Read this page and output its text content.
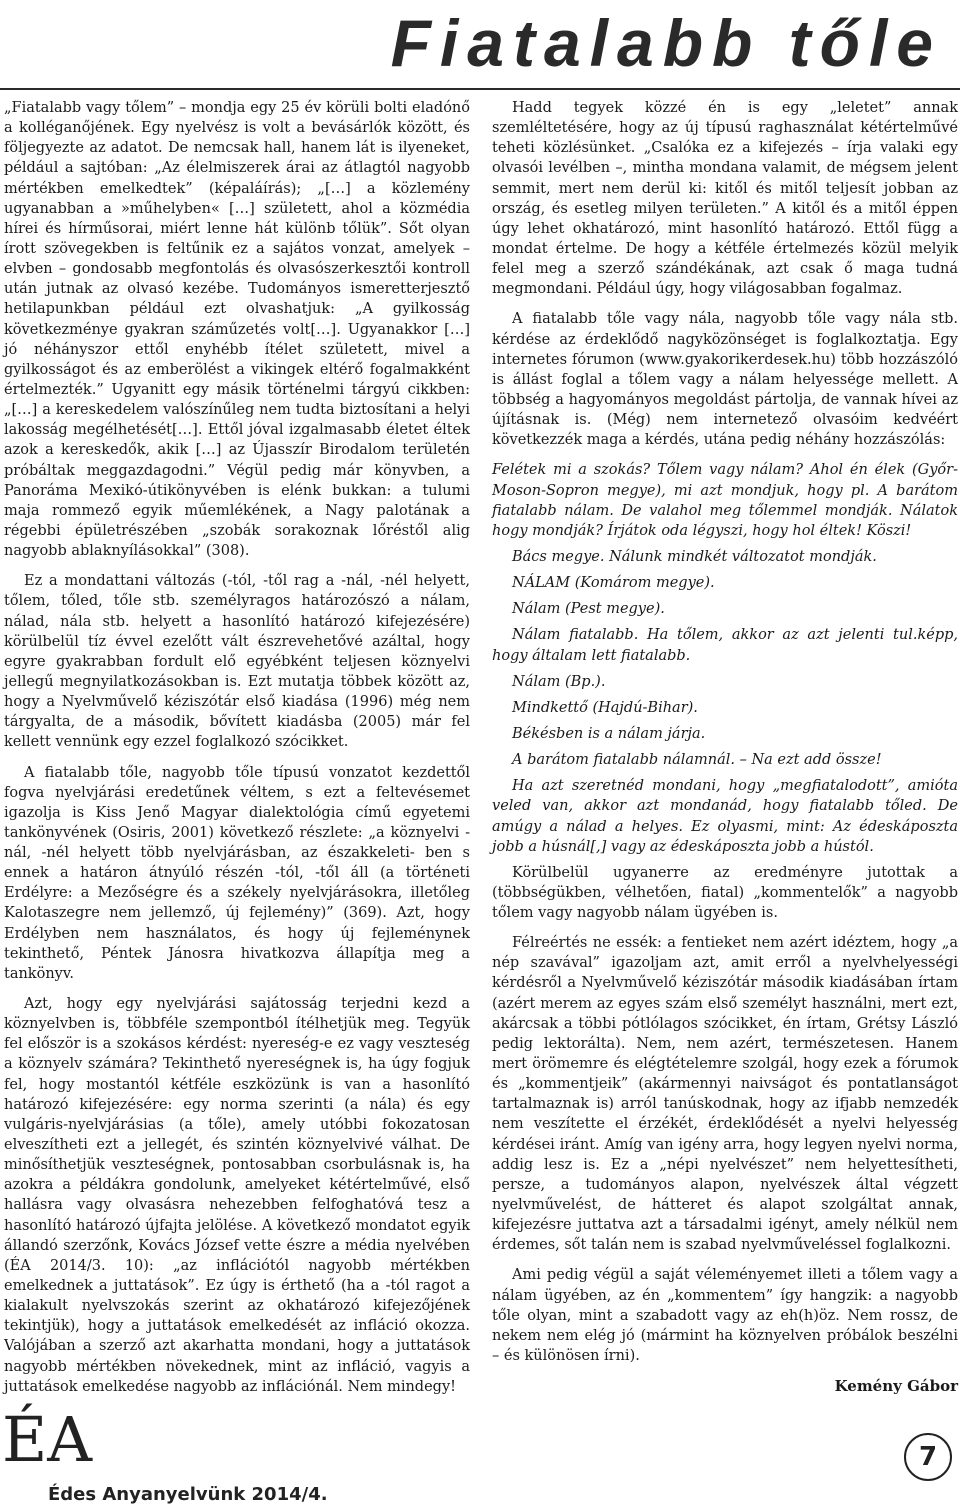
Fiatalabb tőle

„Fiatalabb vagy tőlem” – mondja egy 25 év körüli bolti eladónő a kolléganőjének. Egy nyelvész is volt a bevásárlók között, és följegyezte az adatot. De nemcsak hall, hanem lát is ilyeneket, például a sajtóban: „Az élelmiszerek árai az átlagtól nagyobb mértékben emelkedtek” (képaláírás); „[…] a közlemény ugyanabban a »műhelyben« […] született, ahol a közmédia hírei és hírműsorai, miért lenne hát különb tőlük”. Sőt olyan írott szövegekben is feltűnik ez a sajátos vonzat, amelyek – elvben – gondosabb megfontolás és olvasószerkesztői kontroll után jutnak az olvasó kezébe. Tudományos ismeretterjesztő hetilapunkban például ezt olvashatjuk: „A gyilkosság következménye gyakran száműzetés volt[…]. Ugyanakkor […] jó néhányszor ettől enyhébb ítélet született, mivel a gyilkosságot és az emberölést a vikingek eltérő fogalmakként értelmezték.” Ugyanitt egy másik történelmi tárgyú cikkben: „[…] a kereskedelem valószínűleg nem tudta biztosítani a helyi lakosság megélhetését[…]. Ettől jóval izgalmasabb életet éltek azok a kereskedők, akik […] az Újasszír Birodalom területén próbáltak meggazdagodni.” Végül pedig már könyvben, a Panoráma Mexikó-útikönyvében is elénk bukkan: a tulumi maja rommező egyik műemlékének, a Nagy palotának a régebbi épületrészében „szobák sorakoznak lőréstől alig nagyobb ablaknyílásokkal” (308).

Ez a mondattani változás (-tól, -től rag a -nál, -nél helyett, tőlem, tőled, tőle stb. személyragos határozószó a nálam, nálad, nála stb. helyett a hasonlító határozó kifejezésére) körülbelül tíz évvel ezelőtt vált észrevehetővé azáltal, hogy egyre gyakrabban fordult elő egyébként teljesen köznyelvi jellegű megnyilatkozásokban is. Ezt mutatja többek között az, hogy a Nyelvművelő kéziszótár első kiadása (1996) még nem tárgyalta, de a második, bővített kiadásba (2005) már fel kellett vennünk egy ezzel foglalkozó szócikket.

A fiatalabb tőle, nagyobb tőle típusú vonzatot kezdettől fogva nyelvjárási eredetűnek véltem, s ezt a feltevésemet igazolja is Kiss Jenő Magyar dialektológia című egyetemi tankönyvének (Osiris, 2001) következő részlete: „a köznyelvi -nál, -nél helyett több nyelvjárásban, az északkeleti- ben s ennek a határon átnyúló részén -tól, -től áll (a történeti Erdélyre: a Mezőségre és a székely nyelvjárásokra, illetőleg Kalotaszegre nem jellemző, új fejlemény)” (369). Azt, hogy Erdélyben nem használatos, és hogy új fejleménynek tekinthető, Péntek Jánosra hivatkozva állapítja meg a tankönyv.

Azt, hogy egy nyelvjárási sajátosság terjedni kezd a köznyelvben is, többféle szempontból ítélhetjük meg. Tegyük fel először is a szokásos kérdést: nyereség-e ez vagy veszteség a köznyelv számára? Tekinthető nyereségnek is, ha úgy fogjuk fel, hogy mostantól kétféle eszközünk is van a hasonlító határozó kifejezésére: egy norma szerinti (a nála) és egy vulgáris-nyelvjárásias (a tőle), amely utóbbi fokozatosan elveszítheti ezt a jellegét, és szintén köznyelvivé válhat. De minősíthetjük veszteségnek, pontosabban csorbulásnak is, ha azokra a példákra gondolunk, amelyeket kétértelművé, első hallásra vagy olvasásra nehezebben felfoghatóvá tesz a hasonlító határozó újfajta jelölése. A következő mondatot egyik állandó szerzőnk, Kovács József vette észre a média nyelvében (ÉA 2014/3. 10): „az inflációtól nagyobb mértékben emelkednek a juttatások”. Ez úgy is érthető (ha a -tól ragot a kialakult nyelvszokás szerint az okhatározó kifejezőjének tekintjük), hogy a juttatások emelkedését az infláció okozza. Valójában a szerző azt akarhatta mondani, hogy a juttatások nagyobb mértékben növekednek, mint az infláció, vagyis a juttatások emelkedése nagyobb az inflációnál. Nem mindegy!

Hadd tegyek közzé én is egy „leletet” annak szemléltetésére, hogy az új típusú raghasználat kétértelművé teheti közlésünket. „Csalóka ez a kifejezés – írja valaki egy olvasói levélben –, mintha mondana valamit, de mégsem jelent semmit, mert nem derül ki: kitől és mitől teljesít jobban az ország, és esetleg milyen területen.” A kitől és a mitől éppen úgy lehet okhatározó, mint hasonlító határozó. Ettől függ a mondat értelme. De hogy a kétféle értelmezés közül melyik felel meg a szerző szándékának, azt csak ő maga tudná megmondani. Például úgy, hogy világosabban fogalmaz.

A fiatalabb tőle vagy nála, nagyobb tőle vagy nála stb. kérdése az érdeklődő nagyközönséget is foglalkoztatja. Egy internetes fórumon (www.gyakorikerdesek.hu) több hozzászóló is állást foglal a tőlem vagy a nálam helyessége mellett. A többség a hagyományos megoldást pártolja, de vannak hívei az újításnak is. (Még) nem internetező olvasóim kedvéért következzék maga a kérdés, utána pedig néhány hozzászólás:

Felétek mi a szokás? Tőlem vagy nálam? Ahol én élek (Győr-Moson-Sopron megye), mi azt mondjuk, hogy pl. A barátom fiatalabb nálam. De valahol meg tőlemmel mondják. Nálatok hogy mondják? Írjátok oda légyszi, hogy hol éltek! Köszi!

Bács megye. Nálunk mindkét változatot mondják.

NÁLAM (Komárom megye).

Nálam (Pest megye).

Nálam fiatalabb. Ha tőlem, akkor az azt jelenti tul.képp, hogy általam lett fiatalabb.

Nálam (Bp.).

Mindkettő (Hajdú-Bihar).

Békésben is a nálam járja.

A barátom fiatalabb nálamnál. – Na ezt add össze!

Ha azt szeretnéd mondani, hogy „megfiatalodott”, amióta veled van, akkor azt mondanád, hogy fiatalabb tőled. De amúgy a nálad a helyes. Ez olyasmi, mint: Az édeskáposzta jobb a húsnál[,] vagy az édeskáposzta jobb a hústól.

Körülbelül ugyanerre az eredményre jutottak a (többségükben, vélhetően, fiatal) „kommentelők” a nagyobb tőlem vagy nagyobb nálam ügyében is.

Félreértés ne essék: a fentieket nem azért idéztem, hogy „a nép szavával” igazoljam azt, amit erről a nyelvhelyességi kérdésről a Nyelvművelő kéziszótár második kiadásában írtam (azért merem az egyes szám első személyt használni, mert ezt, akárcsak a többi pótlólagos szócikket, én írtam, Grétsy László pedig lektorálta). Nem, nem azért, természetesen. Hanem mert örömemre és elégtételemre szolgál, hogy ezek a fórumok és „kommentjeik” (akármennyi naivságot és pontatlanságot tartalmaznak is) arról tanúskodnak, hogy az ifjabb nemzedék nem veszítette el érzékét, érdeklődését a nyelvi helyesség kérdései iránt. Amíg van igény arra, hogy legyen nyelvi norma, addig lesz is. Ez a „népi nyelvészet” nem helyettesítheti, persze, a tudományos alapon, nyelvészek által végzett nyelvművelést, de hátteret és alapot szolgáltat annak, kifejezésre juttatva azt a társadalmi igényt, amely nélkül nem érdemes, sőt talán nem is szabad nyelvműveléssel foglalkozni.

Ami pedig végül a saját véleményemet illeti a tőlem vagy a nálam ügyében, az én „kommentem” így hangzik: a nagyobb tőle olyan, mint a szabadott vagy az eh(h)öz. Nem rossz, de nekem nem elég jó (mármint ha köznyelven próbálok beszélni – és különösen írni).

Kemény Gábor
ÉA
Édes Anyanyelvünk 2014/4.
7
